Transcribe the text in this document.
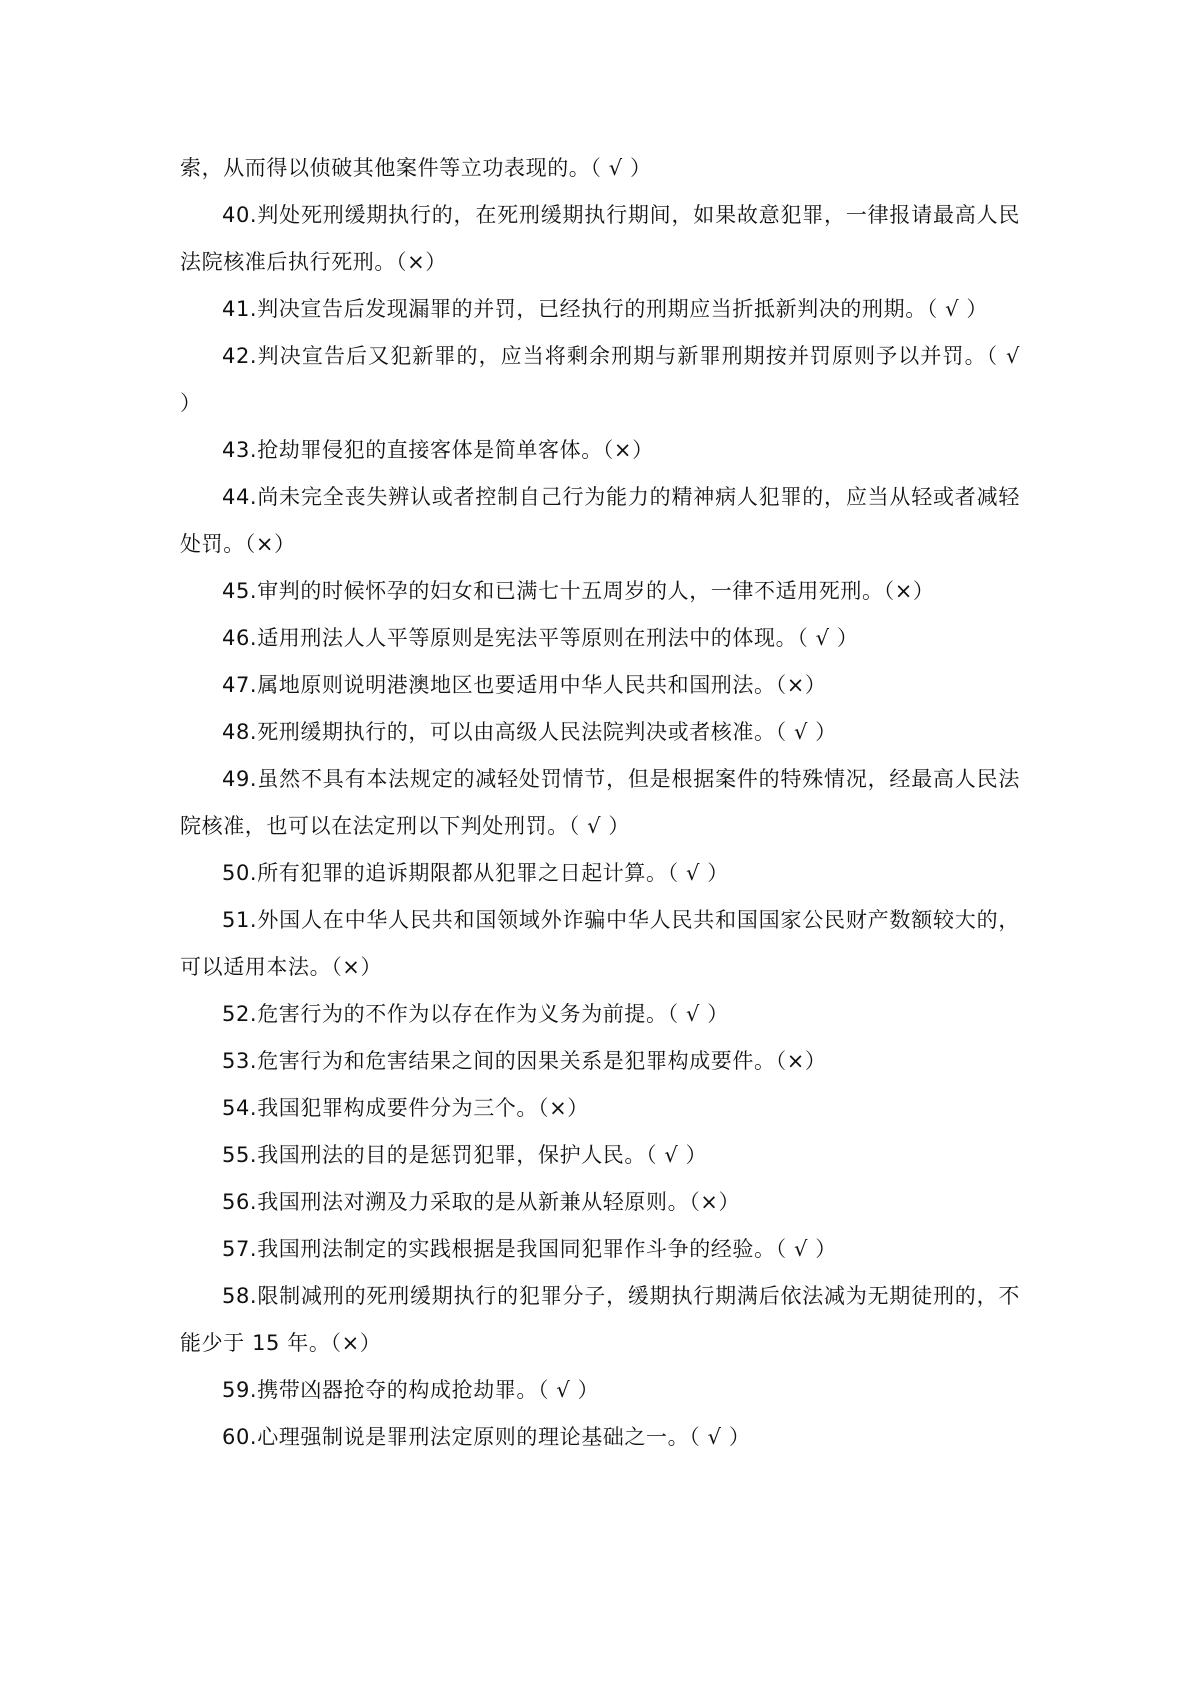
索，从而得以侦破其他案件等立功表现的。（ √ ）

40.判处死刑缓期执行的，在死刑缓期执行期间，如果故意犯罪，一律报请最高人民法院核准后执行死刑。（×）

41.判决宣告后发现漏罪的并罚，已经执行的刑期应当折抵新判决的刑期。（ √ ）

42.判决宣告后又犯新罪的，应当将剩余刑期与新罪刑期按并罚原则予以并罚。（ √ ）

43.抢劫罪侵犯的直接客体是简单客体。（×）

44.尚未完全丧失辨认或者控制自己行为能力的精神病人犯罪的，应当从轻或者减轻处罚。（×）

45.审判的时候怀孕的妇女和已满七十五周岁的人，一律不适用死刑。（×）

46.适用刑法人人平等原则是宪法平等原则在刑法中的体现。（ √ ）

47.属地原则说明港澳地区也要适用中华人民共和国刑法。（×）

48.死刑缓期执行的，可以由高级人民法院判决或者核准。（ √ ）

49.虽然不具有本法规定的减轻处罚情节，但是根据案件的特殊情况，经最高人民法院核准，也可以在法定刑以下判处刑罚。（ √ ）

50.所有犯罪的追诉期限都从犯罪之日起计算。（ √ ）

51.外国人在中华人民共和国领域外诈骗中华人民共和国国家公民财产数额较大的，可以适用本法。（×）

52.危害行为的不作为以存在作为义务为前提。（ √ ）

53.危害行为和危害结果之间的因果关系是犯罪构成要件。（×）

54.我国犯罪构成要件分为三个。（×）

55.我国刑法的目的是惩罚犯罪，保护人民。（ √ ）

56.我国刑法对溯及力采取的是从新兼从轻原则。（×）

57.我国刑法制定的实践根据是我国同犯罪作斗争的经验。（ √ ）

58.限制减刑的死刑缓期执行的犯罪分子，缓期执行期满后依法减为无期徒刑的，不能少于 15 年。（×）

59.携带凶器抢夺的构成抢劫罪。（ √ ）

60.心理强制说是罪刑法定原则的理论基础之一。（ √ ）
